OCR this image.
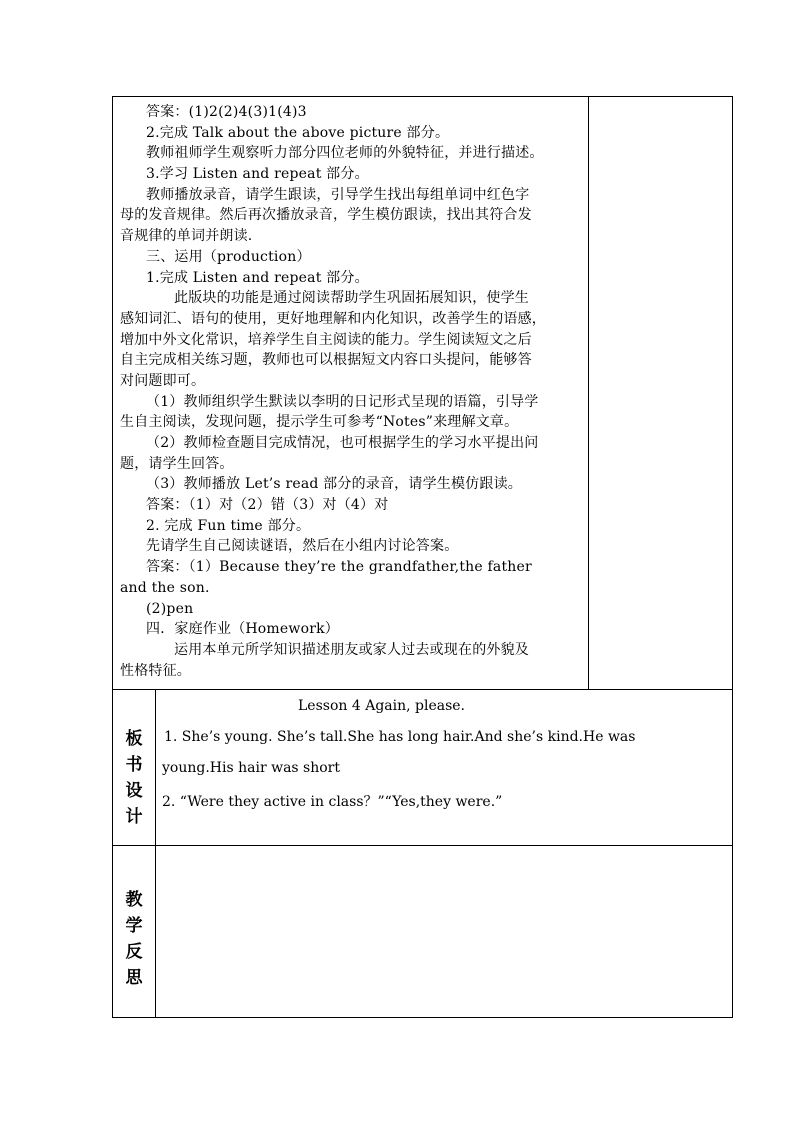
答案：(1)2(2)4(3)1(4)3

2.完成 Talk about the above picture 部分。

教师祖师学生观察听力部分四位老师的外貌特征，并进行描述。

3.学习 Listen and repeat 部分。

教师播放录音，请学生跟读，引导学生找出每组单词中红色字

母的发音规律。然后再次播放录音，学生模仿跟读，找出其符合发

音规律的单词并朗读.

三、运用（production）

1.完成 Listen and repeat 部分。

此版块的功能是通过阅读帮助学生巩固拓展知识，使学生

感知词汇、语句的使用，更好地理解和内化知识，改善学生的语感，

增加中外文化常识，培养学生自主阅读的能力。学生阅读短文之后

自主完成相关练习题，教师也可以根据短文内容口头提问，能够答

对问题即可。

（1）教师组织学生默读以李明的日记形式呈现的语篇，引导学

生自主阅读，发现问题，提示学生可参考“Notes”来理解文章。

（2）教师检查题目完成情况，也可根据学生的学习水平提出问

题，请学生回答。

（3）教师播放 Let’s read 部分的录音，请学生模仿跟读。

答案：（1）对（2）错（3）对（4）对

2. 完成 Fun time 部分。

先请学生自己阅读谜语，然后在小组内讨论答案。

答案：（1）Because they’re the grandfather,the father

and the son.

(2)pen

四．家庭作业（Homework）

运用本单元所学知识描述朋友或家人过去或现在的外貌及

性格特征。

板
书
设
计
Lesson 4 Again, please.
1. She’s young. She’s tall.She has long hair.And she’s kind.He was
young.His hair was short
2. “Were they active in class？”“Yes,they were.”
教
学
反
思
